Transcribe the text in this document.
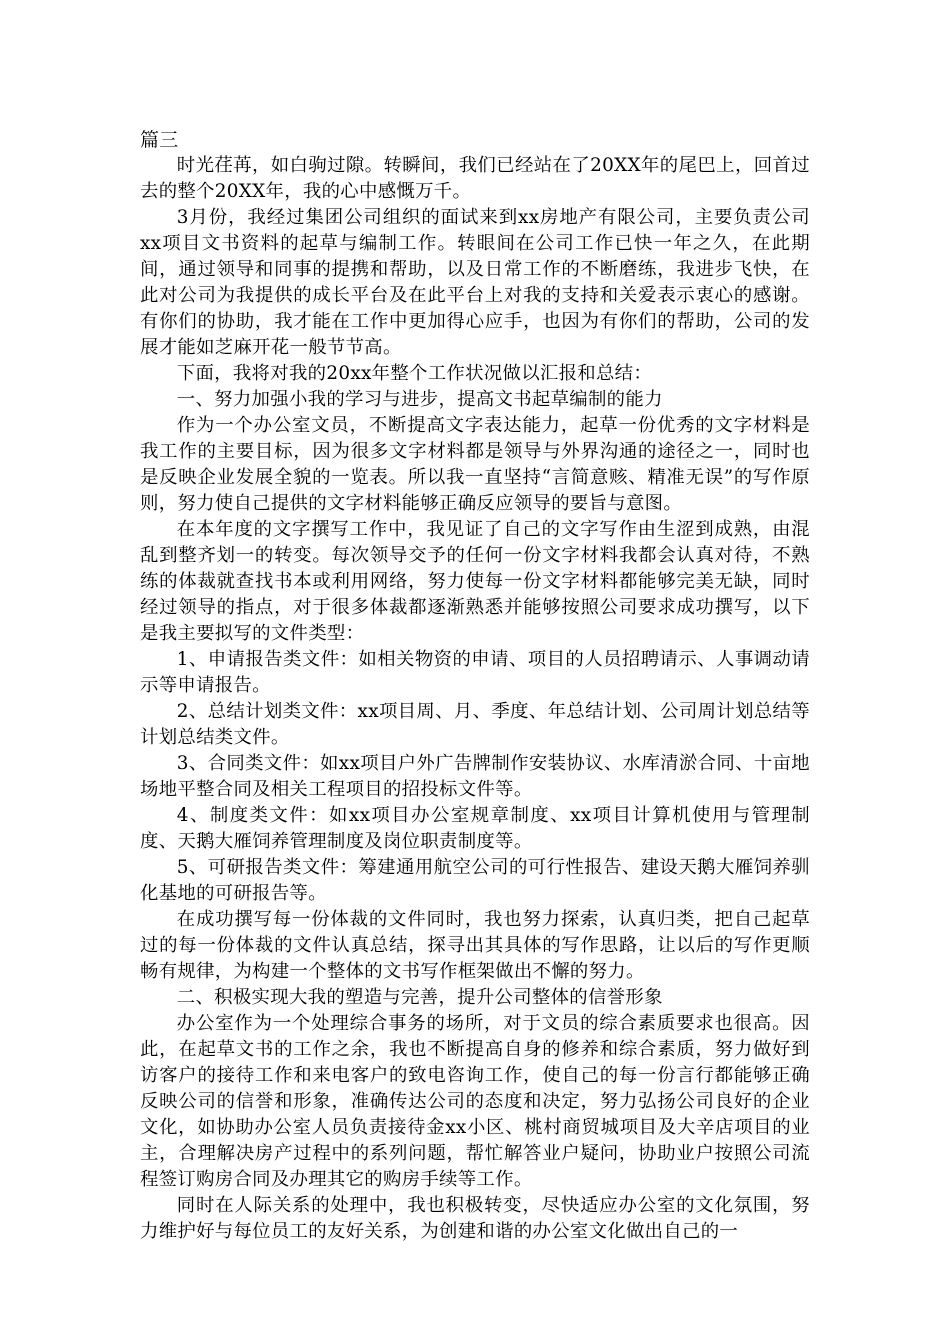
篇三

时光荏苒，如白驹过隙。转瞬间，我们已经站在了20XX年的尾巴上，回首过去的整个20XX年，我的心中感慨万千。

3月份，我经过集团公司组织的面试来到xx房地产有限公司，主要负责公司xx项目文书资料的起草与编制工作。转眼间在公司工作已快一年之久，在此期间，通过领导和同事的提携和帮助，以及日常工作的不断磨练，我进步飞快，在此对公司为我提供的成长平台及在此平台上对我的支持和关爱表示衷心的感谢。有你们的协助，我才能在工作中更加得心应手，也因为有你们的帮助，公司的发展才能如芝麻开花一般节节高。

下面，我将对我的20xx年整个工作状况做以汇报和总结：

一、努力加强小我的学习与进步，提高文书起草编制的能力

作为一个办公室文员，不断提高文字表达能力，起草一份优秀的文字材料是我工作的主要目标，因为很多文字材料都是领导与外界沟通的途径之一，同时也是反映企业发展全貌的一览表。所以我一直坚持“言简意赅、精准无误”的写作原则，努力使自己提供的文字材料能够正确反应领导的要旨与意图。

在本年度的文字撰写工作中，我见证了自己的文字写作由生涩到成熟，由混乱到整齐划一的转变。每次领导交予的任何一份文字材料我都会认真对待，不熟练的体裁就查找书本或利用网络，努力使每一份文字材料都能够完美无缺，同时经过领导的指点，对于很多体裁都逐渐熟悉并能够按照公司要求成功撰写，以下是我主要拟写的文件类型：

1、申请报告类文件：如相关物资的申请、项目的人员招聘请示、人事调动请示等申请报告。

2、总结计划类文件：xx项目周、月、季度、年总结计划、公司周计划总结等计划总结类文件。

3、合同类文件：如xx项目户外广告牌制作安装协议、水库清淤合同、十亩地场地平整合同及相关工程项目的招投标文件等。

4、制度类文件：如xx项目办公室规章制度、xx项目计算机使用与管理制度、天鹅大雁饲养管理制度及岗位职责制度等。

5、可研报告类文件：筹建通用航空公司的可行性报告、建设天鹅大雁饲养驯化基地的可研报告等。

在成功撰写每一份体裁的文件同时，我也努力探索，认真归类，把自己起草过的每一份体裁的文件认真总结，探寻出其具体的写作思路，让以后的写作更顺畅有规律，为构建一个整体的文书写作框架做出不懈的努力。

二、积极实现大我的塑造与完善，提升公司整体的信誉形象

办公室作为一个处理综合事务的场所，对于文员的综合素质要求也很高。因此，在起草文书的工作之余，我也不断提高自身的修养和综合素质，努力做好到访客户的接待工作和来电客户的致电咨询工作，使自己的每一份言行都能够正确反映公司的信誉和形象，准确传达公司的态度和决定，努力弘扬公司良好的企业文化，如协助办公室人员负责接待金xx小区、桃村商贸城项目及大辛店项目的业主，合理解决房产过程中的系列问题，帮忙解答业户疑问，协助业户按照公司流程签订购房合同及办理其它的购房手续等工作。

同时在人际关系的处理中，我也积极转变，尽快适应办公室的文化氛围，努力维护好与每位员工的友好关系，为创建和谐的办公室文化做出自己的一
